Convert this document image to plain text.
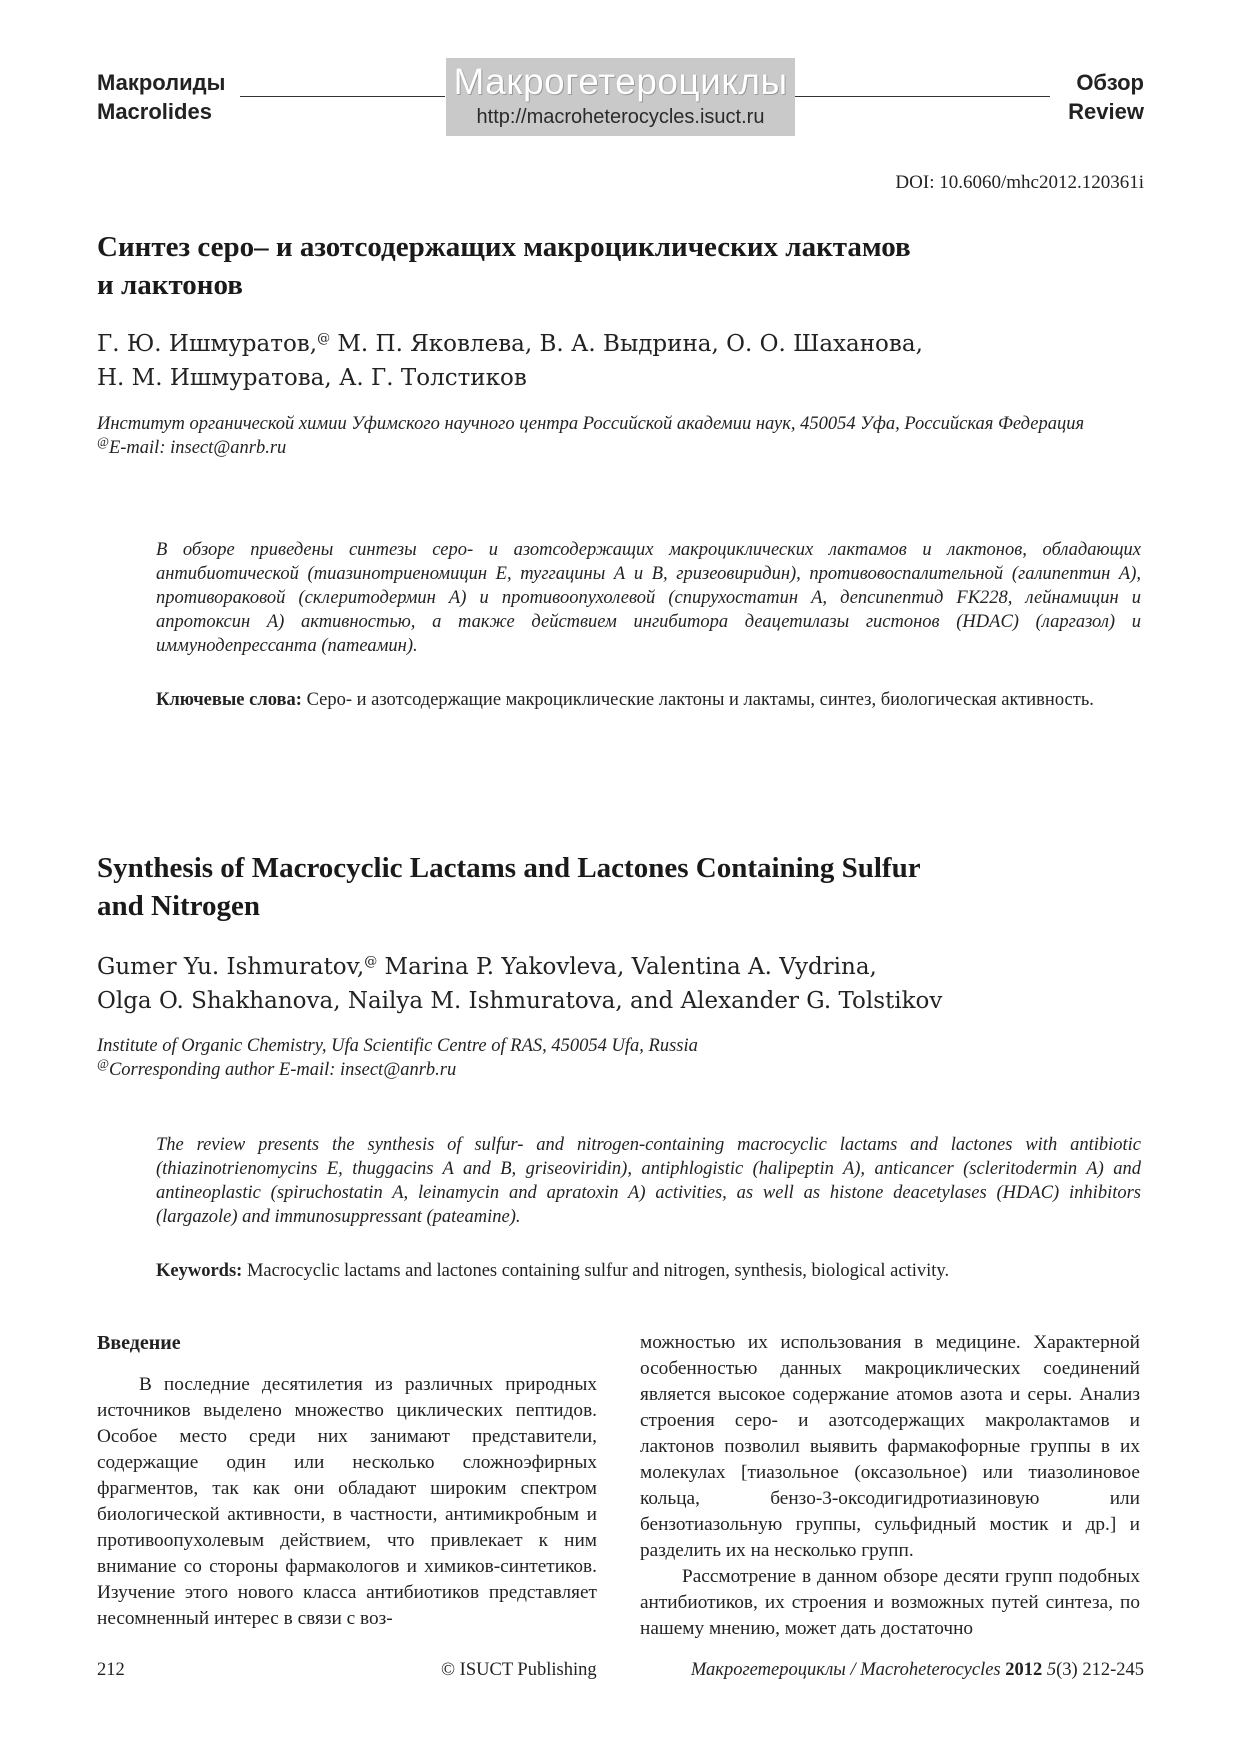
Макролиды
Macrolides
Макрогетероциклы
http://macroheterocycles.isuct.ru
Обзор
Review
DOI: 10.6060/mhc2012.120361i
Синтез серо– и азотсодержащих макроциклических лактамов
и лактонов
Г. Ю. Ишмуратов,@ М. П. Яковлева, В. А. Выдрина, О. О. Шаханова,
Н. М. Ишмуратова, А. Г. Толстиков
Институт органической химии Уфимского научного центра Российской академии наук, 450054 Уфа, Российская Федерация
@E-mail: insect@anrb.ru
В обзоре приведены синтезы серо- и азотсодержащих макроциклических лактамов и лактонов, обладающих антибиотической (тиазинотриеномицин Е, туггацины А и В, гризеовиридин), противовоспалительной (галипептин А), противораковой (склеритодермин А) и противоопухолевой (спирухостатин А, депсипептид FK228, лейнамицин и апротоксин А) активностью, а также действием ингибитора деацетилазы гистонов (HDAC) (ларгазол) и иммунодепрессанта (патеамин).
Ключевые слова: Серо- и азотсодержащие макроциклические лактоны и лактамы, синтез, биологическая активность.
Synthesis of Macrocyclic Lactams and Lactones Containing Sulfur
and Nitrogen
Gumer Yu. Ishmuratov,@ Marina P. Yakovleva, Valentina A. Vydrina,
Olga O. Shakhanova, Nailya M. Ishmuratova, and Alexander G. Tolstikov
Institute of Organic Chemistry, Ufa Scientific Centre of RAS, 450054 Ufa, Russia
@Corresponding author E-mail: insect@anrb.ru
The review presents the synthesis of sulfur- and nitrogen-containing macrocyclic lactams and lactones with antibiotic (thiazinotrienomycins E, thuggacins A and B, griseoviridin), antiphlogistic (halipeptin A), anticancer (scleritodermin A) and antineoplastic (spiruchostatin A, leinamycin and apratoxin A) activities, as well as histone deacetylases (HDAC) inhibitors (largazole) and immunosuppressant (pateamine).
Keywords: Macrocyclic lactams and lactones containing sulfur and nitrogen, synthesis, biological activity.
Введение

В последние десятилетия из различных природных источников выделено множество циклических пептидов. Особое место среди них занимают представители, содержащие один или несколько сложноэфирных фрагментов, так как они обладают широким спектром биологической активности, в частности, антимикробным и противоопухолевым действием, что привлекает к ним внимание со стороны фармакологов и химиков-синтетиков. Изучение этого нового класса антибиотиков представляет несомненный интерес в связи с воз-

можностью их использования в медицине. Характерной особенностью данных макроциклических соединений является высокое содержание атомов азота и серы. Анализ строения серо- и азотсодержащих макролактамов и лактонов позволил выявить фармакофорные группы в их молекулах [тиазольное (оксазольное) или тиазолиновое кольца, бензо-3-оксодигидротиазиновую или бензотиазольную группы, сульфидный мостик и др.] и разделить их на несколько групп.

Рассмотрение в данном обзоре десяти групп подобных антибиотиков, их строения и возможных путей синтеза, по нашему мнению, может дать достаточно

212	© ISUCT Publishing	Макрогетероциклы / Macroheterocycles 2012 5(3) 212-245
